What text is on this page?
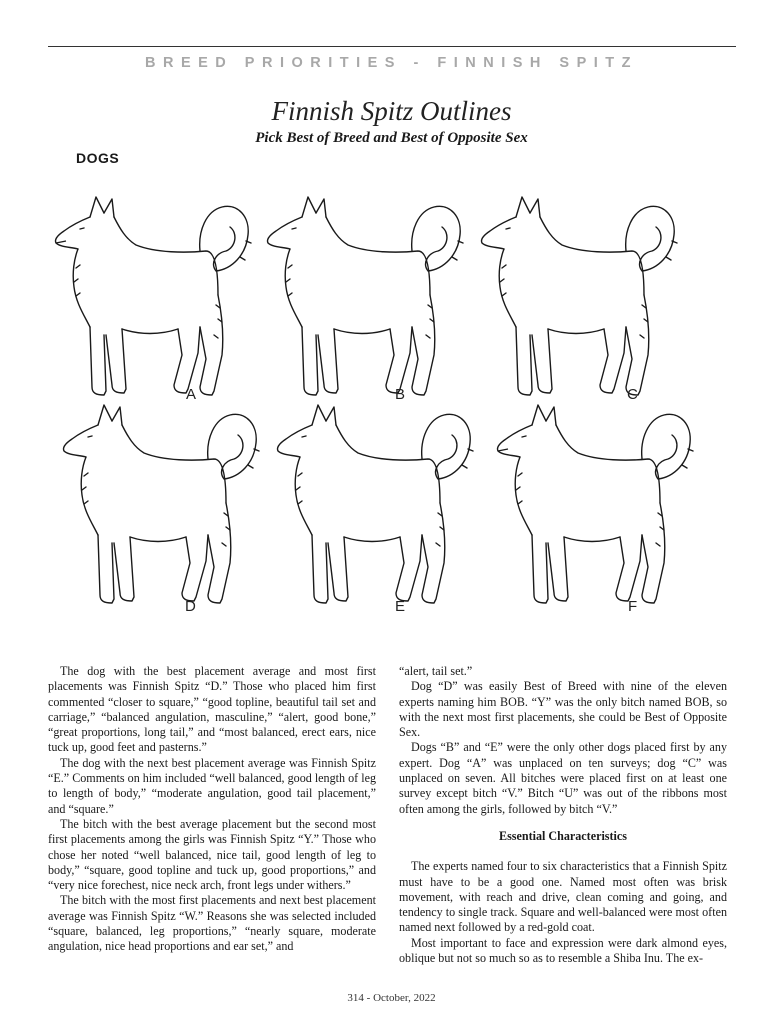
BREED PRIORITIES - FINNISH SPITZ
Finnish Spitz Outlines
Pick Best of Breed and Best of Opposite Sex
DOGS
A	B	C
D	E	F

The dog with the best placement average and most first placements was Finnish Spitz “D.” Those who placed him first commented “closer to square,” “good topline, beautiful tail set and carriage,” “balanced angulation, masculine,” “alert, good bone,” “great proportions, long tail,” and “most balanced, erect ears, nice tuck up, good feet and pasterns.”

The dog with the next best placement average was Finnish Spitz “E.” Comments on him included “well balanced, good length of leg to length of body,” “moderate angulation, good tail placement,” and “square.”

The bitch with the best average placement but the second most first placements among the girls was Finnish Spitz “Y.” Those who chose her noted “well balanced, nice tail, good length of leg to body,” “square, good topline and tuck up, good proportions,” and “very nice forechest, nice neck arch, front legs under withers.”

The bitch with the most first placements and next best placement average was Finnish Spitz “W.” Reasons she was selected included “square, balanced, leg proportions,” “nearly square, moderate angulation, nice head proportions and ear set,” and

“alert, tail set.”

Dog “D” was easily Best of Breed with nine of the eleven experts naming him BOB. “Y” was the only bitch named BOB, so with the next most first placements, she could be Best of Opposite Sex.

Dogs “B” and “E” were the only other dogs placed first by any expert. Dog “A” was unplaced on ten surveys; dog “C” was unplaced on seven. All bitches were placed first on at least one survey except bitch “V.” Bitch “U” was out of the ribbons most often among the girls, followed by bitch “V.”

Essential Characteristics

The experts named four to six characteristics that a Finnish Spitz must have to be a good one. Named most often was brisk movement, with reach and drive, clean coming and going, and tendency to single track. Square and well-balanced were most often named next followed by a red-gold coat.

Most important to face and expression were dark almond eyes, oblique but not so much so as to resemble a Shiba Inu. The ex-

314 - October, 2022
